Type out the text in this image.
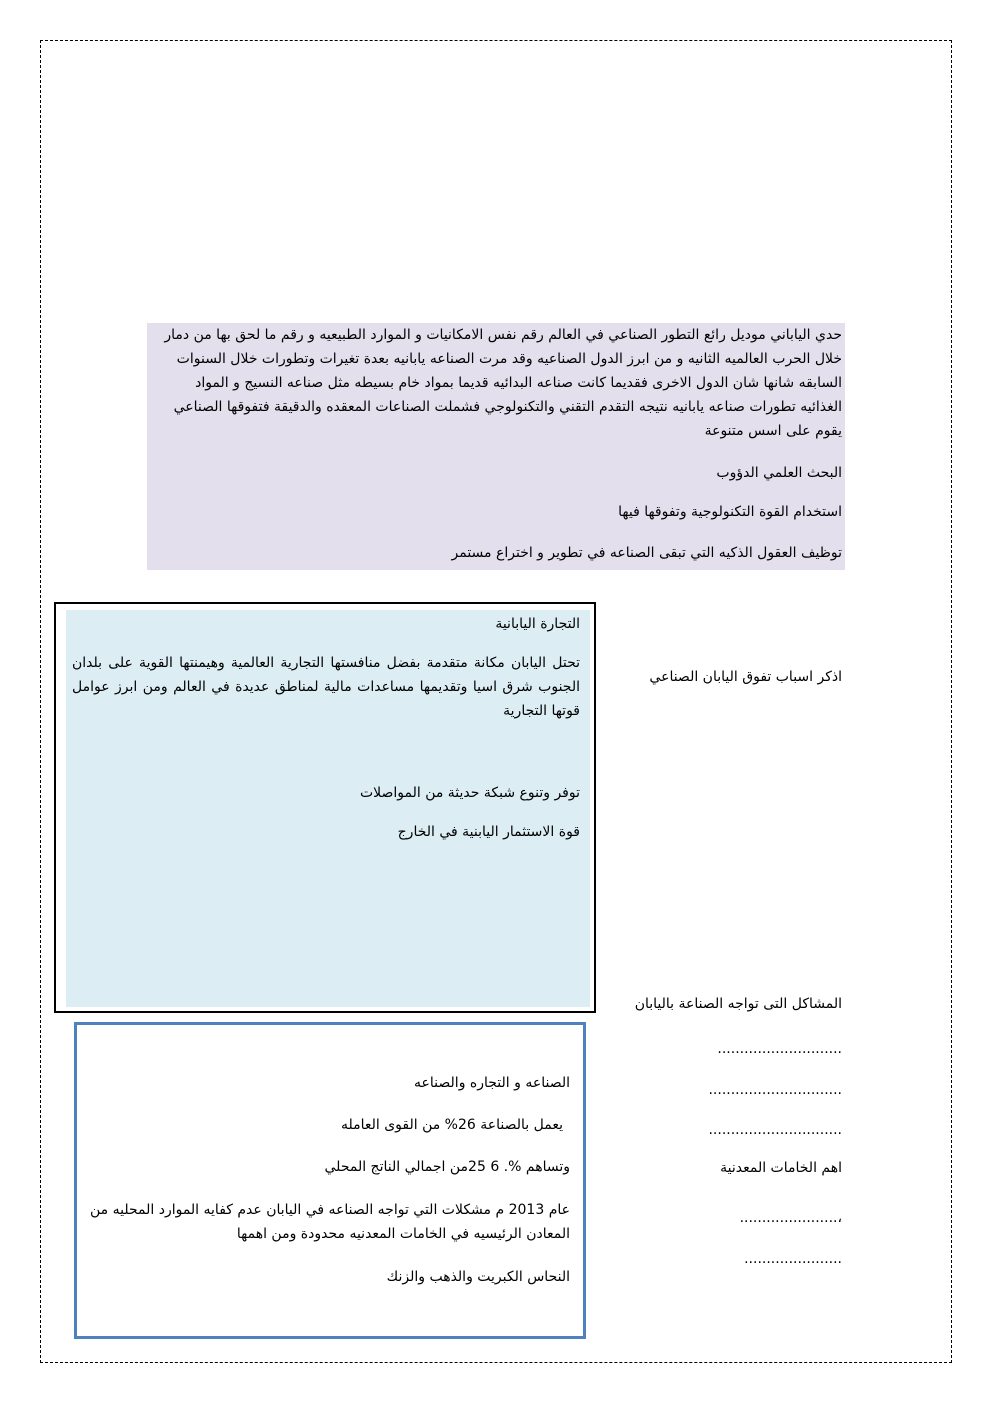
حدي الياباني موديل رائع التطور الصناعي في العالم رقم نفس الامكانيات و الموارد الطبيعيه و رقم ما لحق بها من دمار خلال الحرب العالميه الثانيه و من ابرز الدول الصناعيه وقد مرت الصناعه يابانيه بعدة تغيرات وتطورات خلال السنوات السابقه شانها شان الدول الاخرى فقديما كانت صناعه البدائيه قديما بمواد خام بسيطه مثل صناعه النسيج و المواد الغذائيه تطورات صناعه يابانيه نتيجه التقدم التقني والتكنولوجي فشملت الصناعات المعقده والدقيقة فتفوقها الصناعي يقوم على اسس متنوعة

البحث العلمي الدؤوب

استخدام القوة التكنولوجية وتفوقها فيها

توظيف العقول الذكيه التي تبقى الصناعه في تطوير و اختراع مستمر

التجارة اليابانية

تحتل اليابان مكانة متقدمة بفضل منافستها التجارية العالمية وهيمنتها القوية على بلدان الجنوب شرق اسيا وتقديمها مساعدات مالية لمناطق عديدة في العالم ومن ابرز عوامل قوتها التجارية

توفر وتنوع شبكة حديثة من المواصلات

قوة الاستثمار اليابنية في الخارج

الصناعه و التجاره والصناعه

يعمل بالصناعة 26% من القوى العامله

وتساهم %. 6 25من اجمالي الناتج المحلي

عام 2013 م مشكلات التي تواجه الصناعه في اليابان عدم كفايه الموارد المحليه من المعادن الرئيسيه في الخامات المعدنيه محدودة ومن اهمها

النحاس الكبريت والذهب والزنك

اذكر اسباب تفوق اليابان الصناعي

المشاكل التى تواجه الصناعة باليابان

............................

..............................

..............................

اهم الخامات المعدنية

......................،

......................
